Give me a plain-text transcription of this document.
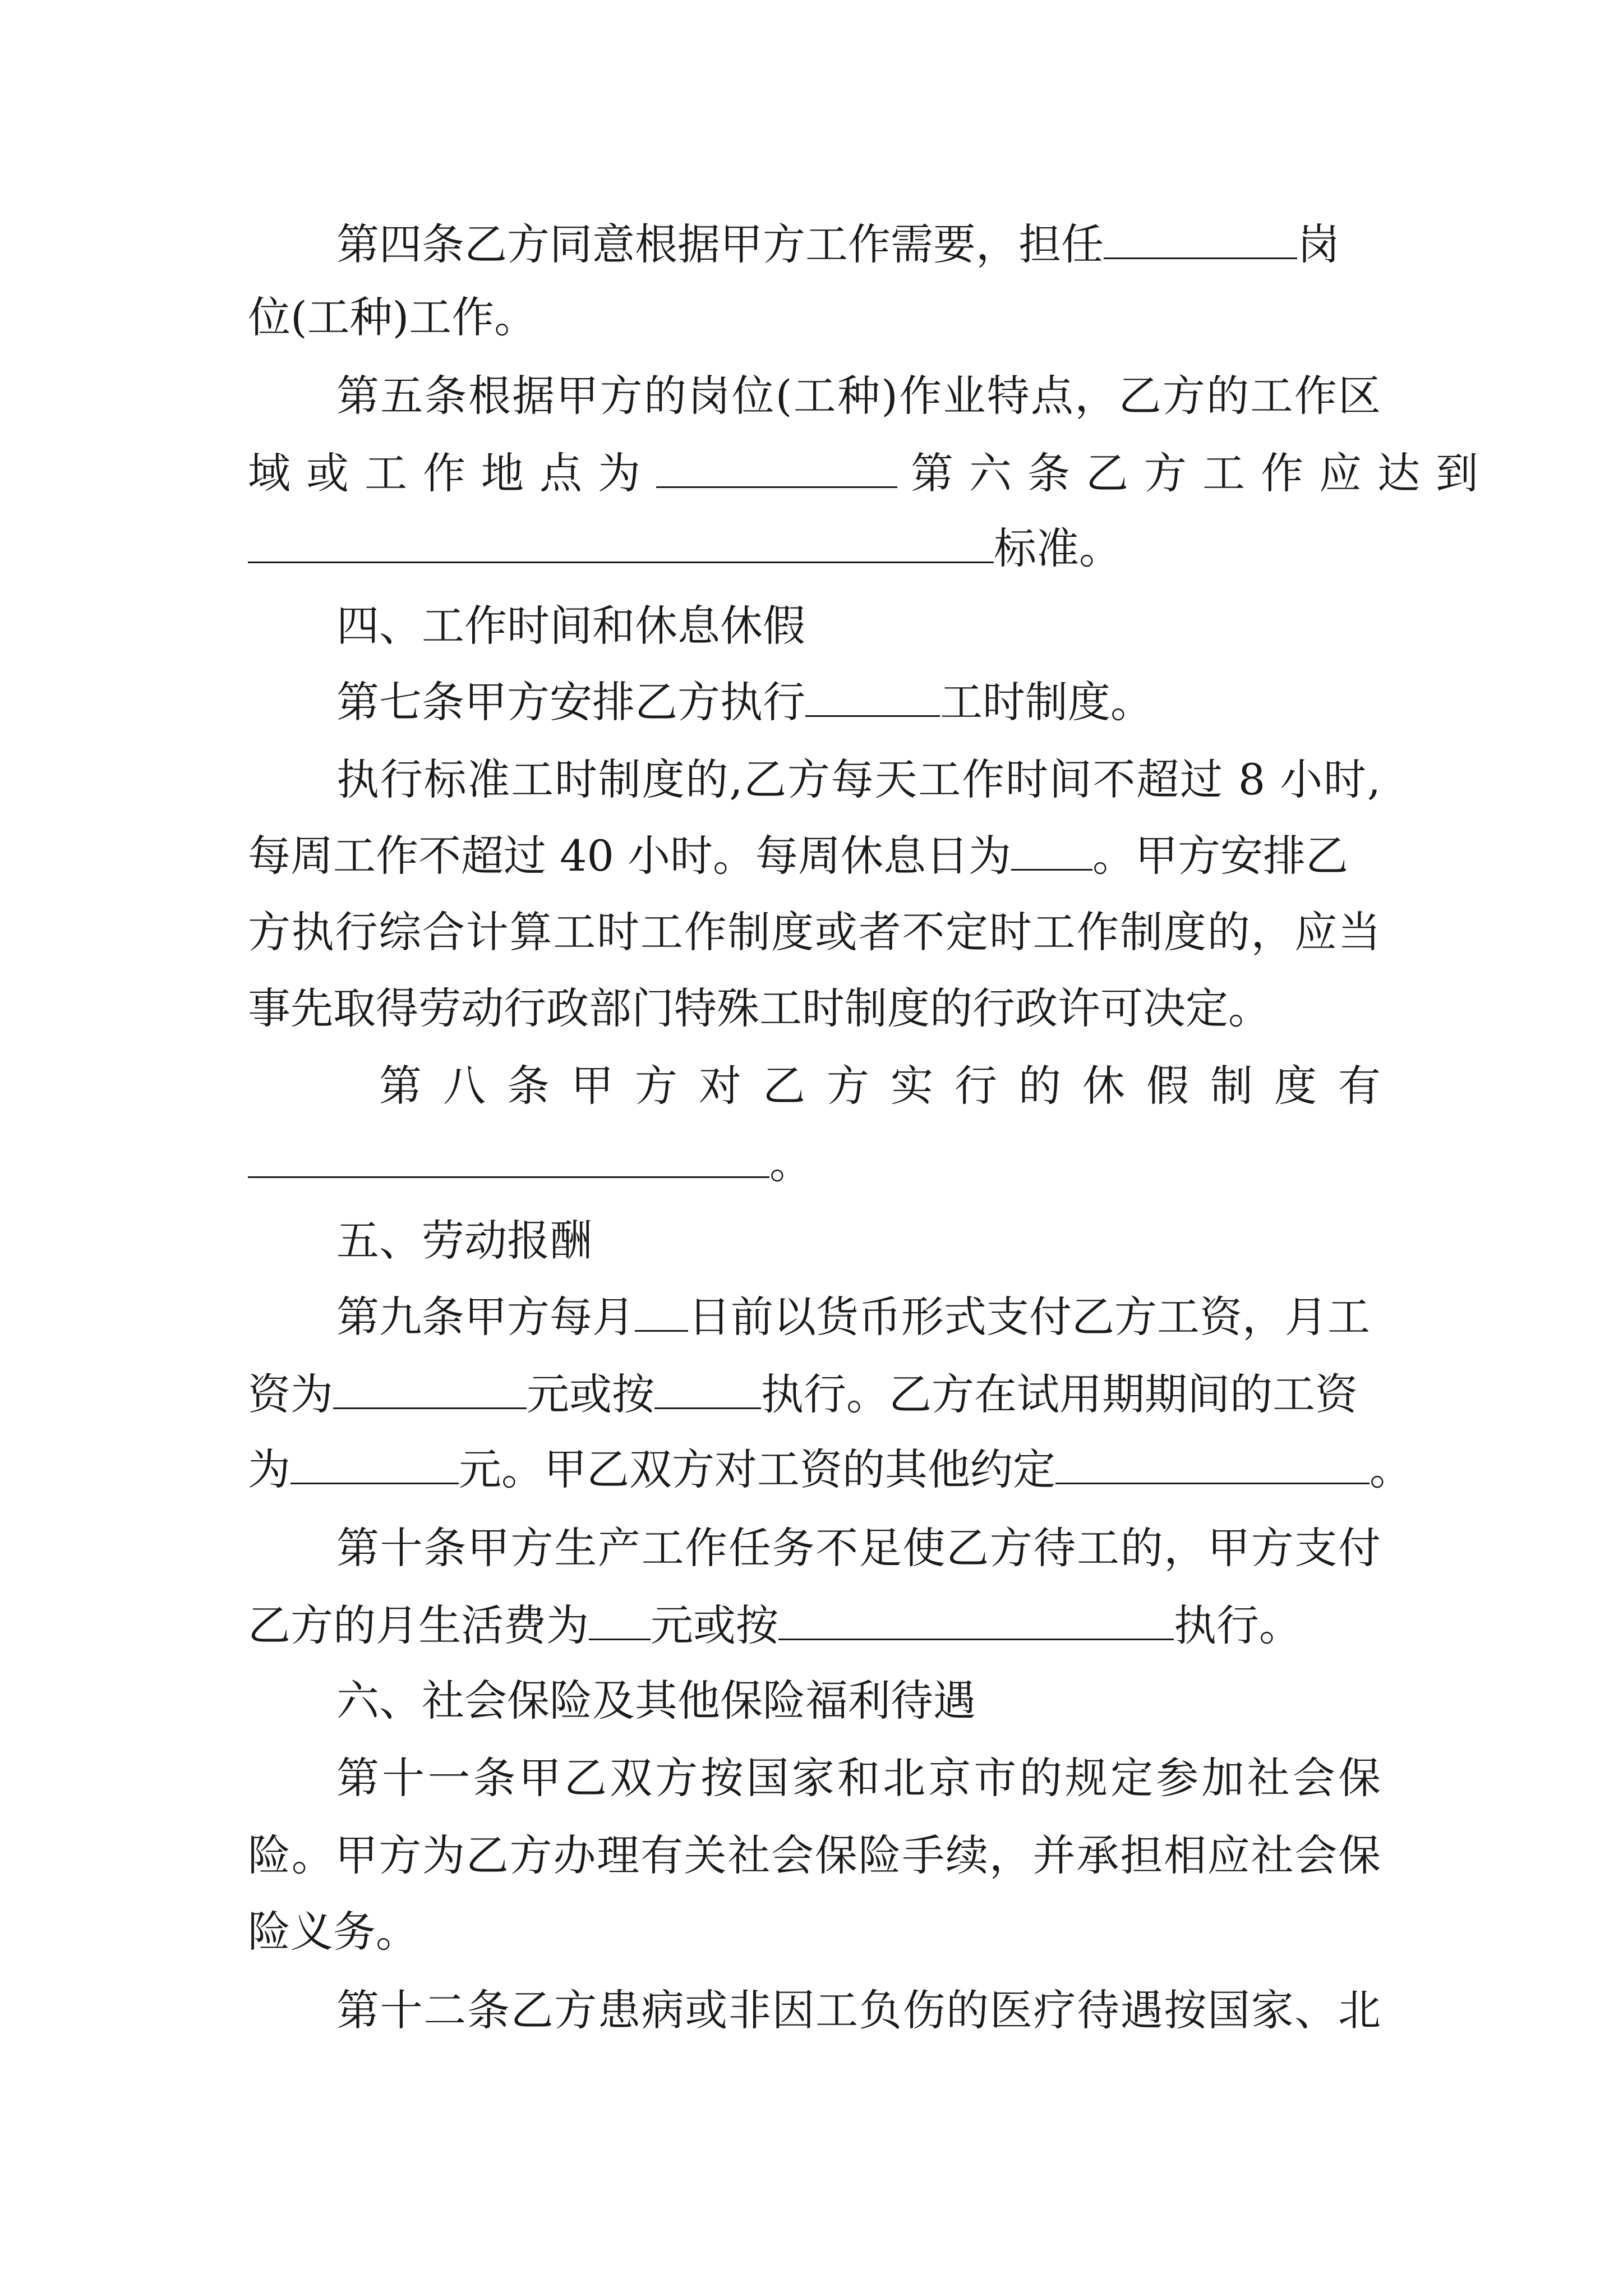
第四条乙方同意根据甲方工作需要，担任	岗
位(工种)工作。
第五条根据甲方的岗位(工种)作业特点，乙方的工作区
域或工作地点为	第六条乙方工作应达到
标准。
四、工作时间和休息休假
第七条甲方安排乙方执行	工时制度。
执行标准工时制度的,乙方每天工作时间不超过 8 小时,
每周工作不超过 40 小时。每周休息日为 。甲方安排乙
方执行综合计算工时工作制度或者不定时工作制度的，应当
事先取得劳动行政部门特殊工时制度的行政许可决定。
第八条甲方对乙方实行的休假制度有
。
五、劳动报酬
第九条甲方每月 日前以货币形式支付乙方工资，月工
资为	元或按	执行。乙方在试用期期间的工资
为	元。甲乙双方对工资的其他约定	。
第十条甲方生产工作任务不足使乙方待工的，甲方支付
乙方的月生活费为 元或按	执行。
六、社会保险及其他保险福利待遇
第十一条甲乙双方按国家和北京市的规定参加社会保
险。甲方为乙方办理有关社会保险手续，并承担相应社会保
险义务。
第十二条乙方患病或非因工负伤的医疗待遇按国家、北
